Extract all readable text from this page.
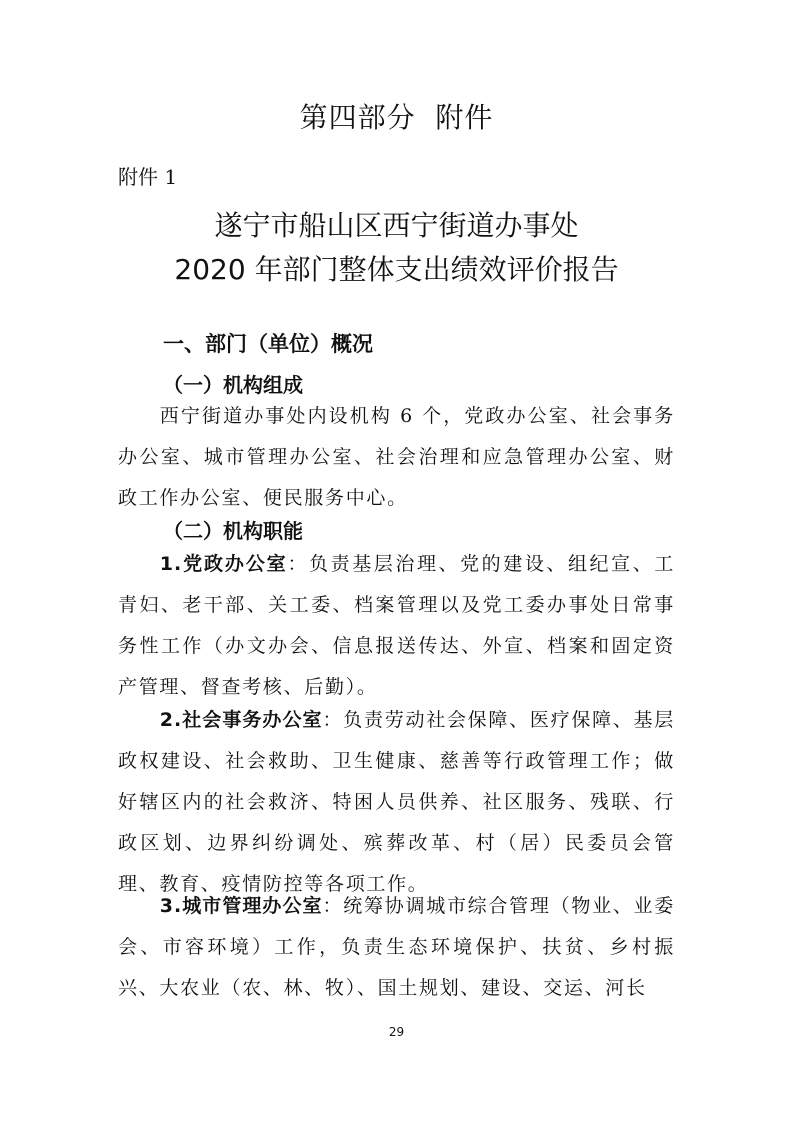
第四部分  附件
附件 1
遂宁市船山区西宁街道办事处
2020 年部门整体支出绩效评价报告
一、部门（单位）概况
（一）机构组成

西宁街道办事处内设机构 6 个，党政办公室、社会事务办公室、城市管理办公室、社会治理和应急管理办公室、财政工作办公室、便民服务中心。

（二）机构职能

1.党政办公室：负责基层治理、党的建设、组纪宣、工青妇、老干部、关工委、档案管理以及党工委办事处日常事务性工作（办文办会、信息报送传达、外宣、档案和固定资产管理、督查考核、后勤）。

2.社会事务办公室：负责劳动社会保障、医疗保障、基层政权建设、社会救助、卫生健康、慈善等行政管理工作；做好辖区内的社会救济、特困人员供养、社区服务、残联、行政区划、边界纠纷调处、殡葬改革、村（居）民委员会管理、教育、疫情防控等各项工作。

3.城市管理办公室：统筹协调城市综合管理（物业、业委会、市容环境）工作，负责生态环境保护、扶贫、乡村振兴、大农业（农、林、牧）、国土规划、建设、交运、河长

29
